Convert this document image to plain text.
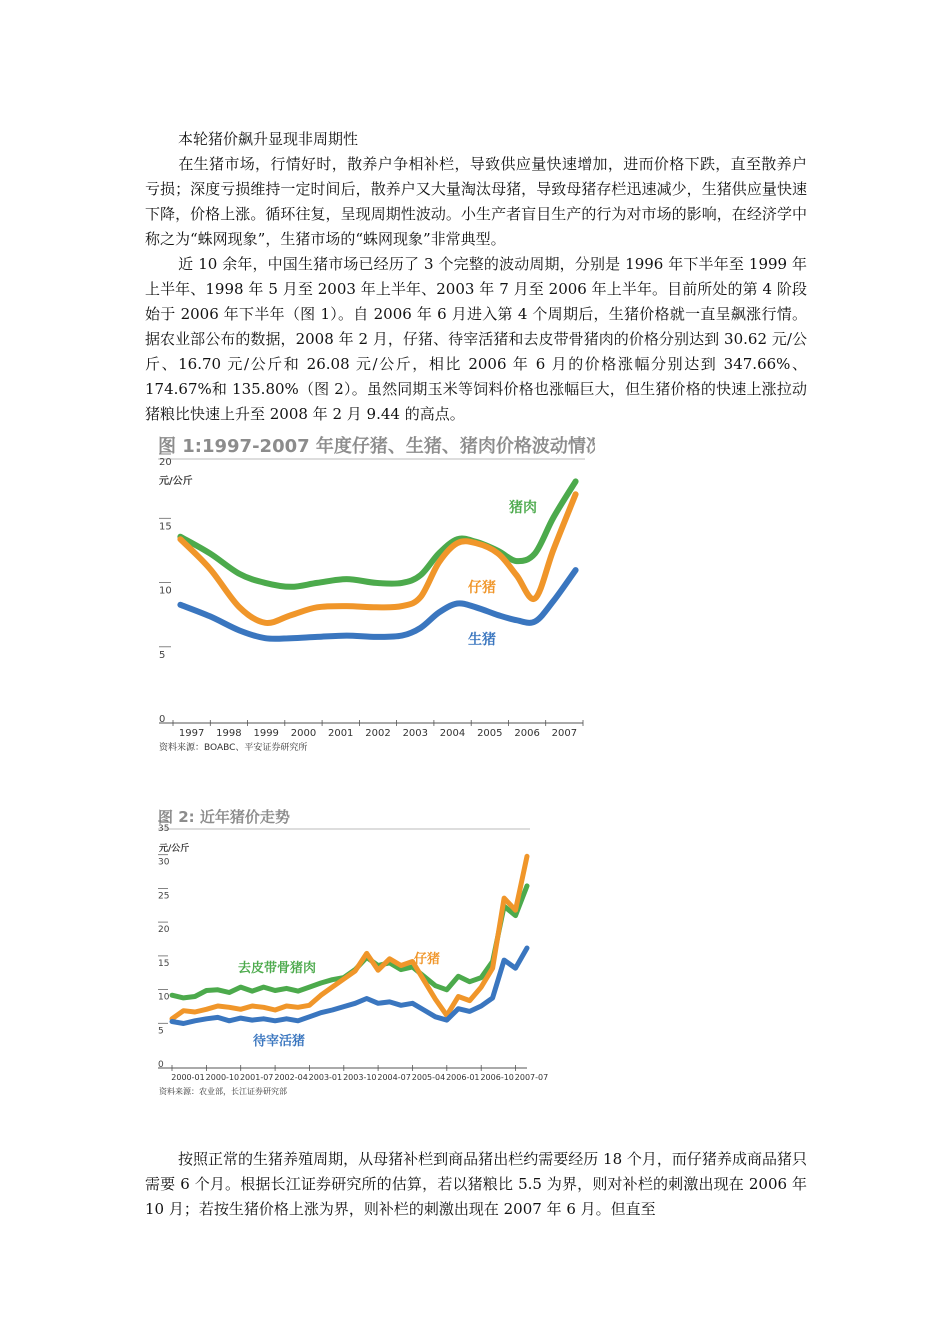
本轮猪价飙升显现非周期性

在生猪市场，行情好时，散养户争相补栏，导致供应量快速增加，进而价格下跌，直至散养户亏损；深度亏损维持一定时间后，散养户又大量淘汰母猪，导致母猪存栏迅速减少，生猪供应量快速下降，价格上涨。循环往复，呈现周期性波动。小生产者盲目生产的行为对市场的影响，在经济学中称之为“蛛网现象”，生猪市场的“蛛网现象”非常典型。

近 10 余年，中国生猪市场已经历了 3 个完整的波动周期，分别是 1996 年下半年至 1999 年上半年、1998 年 5 月至 2003 年上半年、2003 年 7 月至 2006 年上半年。目前所处的第 4 阶段始于 2006 年下半年（图 1）。自 2006 年 6 月进入第 4 个周期后，生猪价格就一直呈飙涨行情。据农业部公布的数据，2008 年 2 月，仔猪、待宰活猪和去皮带骨猪肉的价格分别达到 30.62 元/公斤、16.70 元/公斤和 26.08 元/公斤，相比 2006 年 6 月的价格涨幅分别达到 347.66%、174.67%和 135.80%（图 2）。虽然同期玉米等饲料价格也涨幅巨大，但生猪价格的快速上涨拉动猪粮比快速上升至 2008 年 2 月 9.44 的高点。

图 1:1997-2007 年度仔猪、生猪、猪肉价格波动情况
元/公斤
0
5
10
15
20
1997 1998 1999 2000 2001 2002 2003 2004 2005 2006 2007
猪肉
仔猪
生猪
资料来源：BOABC、平安证券研究所
图 2: 近年猪价走势
元/公斤
0
5
10
15
20
25
30
35
2000-01 2000-10 2001-07 2002-04 2003-01 2003-10 2004-07 2005-04 2006-01 2006-10 2007-07
去皮带骨猪肉
仔猪
待宰活猪
资料来源：农业部，长江证券研究部

按照正常的生猪养殖周期，从母猪补栏到商品猪出栏约需要经历 18 个月，而仔猪养成商品猪只需要 6 个月。根据长江证券研究所的估算，若以猪粮比 5.5 为界，则对补栏的刺激出现在 2006 年 10 月；若按生猪价格上涨为界，则补栏的刺激出现在 2007 年 6 月。但直至
